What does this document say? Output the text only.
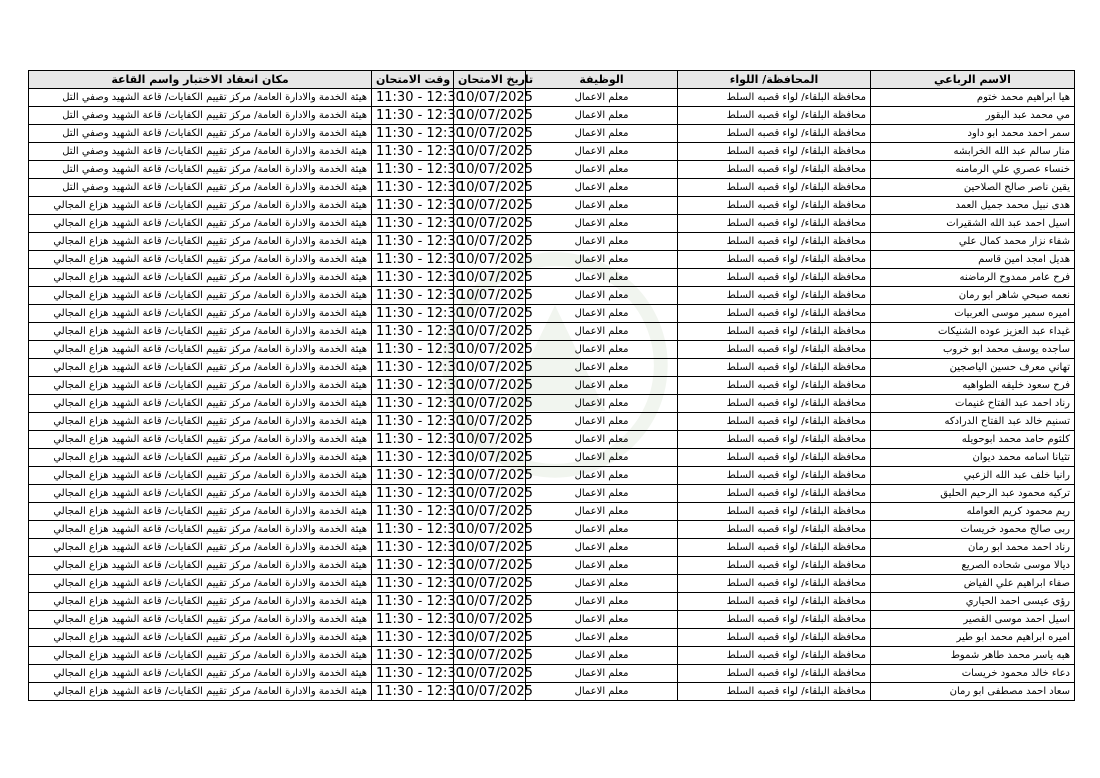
مكان انعقاد الاختبار واسم القاعة	وقت الامتحان	تاريخ الامتحان	الوظيفة	المحافظة/ اللواء	الاسم الرباعي
هيئة الخدمة والادارة العامة/ مركز تقييم الكفايات/ قاعة الشهيد وصفي التل	11:30 - 12:30	10/07/2025	معلم الاعمال	محافظة البلقاء/ لواء قصبه السلط	هيا ابراهيم محمد ختوم
هيئة الخدمة والادارة العامة/ مركز تقييم الكفايات/ قاعة الشهيد وصفي التل	11:30 - 12:30	10/07/2025	معلم الاعمال	محافظة البلقاء/ لواء قصبه السلط	مي محمد عبد البقور
هيئة الخدمة والادارة العامة/ مركز تقييم الكفايات/ قاعة الشهيد وصفي التل	11:30 - 12:30	10/07/2025	معلم الاعمال	محافظة البلقاء/ لواء قصبه السلط	سمر احمد محمد ابو داود
هيئة الخدمة والادارة العامة/ مركز تقييم الكفايات/ قاعة الشهيد وصفي التل	11:30 - 12:30	10/07/2025	معلم الاعمال	محافظة البلقاء/ لواء قصبه السلط	منار سالم عبد الله الخرابشه
هيئة الخدمة والادارة العامة/ مركز تقييم الكفايات/ قاعة الشهيد وصفي التل	11:30 - 12:30	10/07/2025	معلم الاعمال	محافظة البلقاء/ لواء قصبه السلط	خنساء عصري علي الرمامنه
هيئة الخدمة والادارة العامة/ مركز تقييم الكفايات/ قاعة الشهيد وصفي التل	11:30 - 12:30	10/07/2025	معلم الاعمال	محافظة البلقاء/ لواء قصبه السلط	يقين ناصر صالح الصلاحين
هيئة الخدمة والادارة العامة/ مركز تقييم الكفايات/ قاعة الشهيد هزاع المجالي	11:30 - 12:30	10/07/2025	معلم الاعمال	محافظة البلقاء/ لواء قصبه السلط	هدى نبيل محمد جميل العمد
هيئة الخدمة والادارة العامة/ مركز تقييم الكفايات/ قاعة الشهيد هزاع المجالي	11:30 - 12:30	10/07/2025	معلم الاعمال	محافظة البلقاء/ لواء قصبه السلط	اسيل احمد عبد الله الشقيرات
هيئة الخدمة والادارة العامة/ مركز تقييم الكفايات/ قاعة الشهيد هزاع المجالي	11:30 - 12:30	10/07/2025	معلم الاعمال	محافظة البلقاء/ لواء قصبه السلط	شفاء نزار محمد كمال علي
هيئة الخدمة والادارة العامة/ مركز تقييم الكفايات/ قاعة الشهيد هزاع المجالي	11:30 - 12:30	10/07/2025	معلم الاعمال	محافظة البلقاء/ لواء قصبه السلط	هديل امجد امين قاسم
هيئة الخدمة والادارة العامة/ مركز تقييم الكفايات/ قاعة الشهيد هزاع المجالي	11:30 - 12:30	10/07/2025	معلم الاعمال	محافظة البلقاء/ لواء قصبه السلط	فرح عامر ممدوح الرماضنه
هيئة الخدمة والادارة العامة/ مركز تقييم الكفايات/ قاعة الشهيد هزاع المجالي	11:30 - 12:30	10/07/2025	معلم الاعمال	محافظة البلقاء/ لواء قصبه السلط	نعمه صبحي شاهر ابو رمان
هيئة الخدمة والادارة العامة/ مركز تقييم الكفايات/ قاعة الشهيد هزاع المجالي	11:30 - 12:30	10/07/2025	معلم الاعمال	محافظة البلقاء/ لواء قصبه السلط	اميره سمير موسى العربيات
هيئة الخدمة والادارة العامة/ مركز تقييم الكفايات/ قاعة الشهيد هزاع المجالي	11:30 - 12:30	10/07/2025	معلم الاعمال	محافظة البلقاء/ لواء قصبه السلط	غيداء عبد العزيز عوده الشنيكات
هيئة الخدمة والادارة العامة/ مركز تقييم الكفايات/ قاعة الشهيد هزاع المجالي	11:30 - 12:30	10/07/2025	معلم الاعمال	محافظة البلقاء/ لواء قصبه السلط	ساجده يوسف محمد ابو خروب
هيئة الخدمة والادارة العامة/ مركز تقييم الكفايات/ قاعة الشهيد هزاع المجالي	11:30 - 12:30	10/07/2025	معلم الاعمال	محافظة البلقاء/ لواء قصبه السلط	تهاني معرف حسين الياصجين
هيئة الخدمة والادارة العامة/ مركز تقييم الكفايات/ قاعة الشهيد هزاع المجالي	11:30 - 12:30	10/07/2025	معلم الاعمال	محافظة البلقاء/ لواء قصبه السلط	فرح سعود خليفه الطواهيه
هيئة الخدمة والادارة العامة/ مركز تقييم الكفايات/ قاعة الشهيد هزاع المجالي	11:30 - 12:30	10/07/2025	معلم الاعمال	محافظة البلقاء/ لواء قصبه السلط	رناد احمد عبد الفتاح غنيمات
هيئة الخدمة والادارة العامة/ مركز تقييم الكفايات/ قاعة الشهيد هزاع المجالي	11:30 - 12:30	10/07/2025	معلم الاعمال	محافظة البلقاء/ لواء قصبه السلط	تسنيم خالد عبد الفتاح الدرادكه
هيئة الخدمة والادارة العامة/ مركز تقييم الكفايات/ قاعة الشهيد هزاع المجالي	11:30 - 12:30	10/07/2025	معلم الاعمال	محافظة البلقاء/ لواء قصبه السلط	كلثوم حامد محمد ابوحويله
هيئة الخدمة والادارة العامة/ مركز تقييم الكفايات/ قاعة الشهيد هزاع المجالي	11:30 - 12:30	10/07/2025	معلم الاعمال	محافظة البلقاء/ لواء قصبه السلط	تثيانا اسامه محمد ديوان
هيئة الخدمة والادارة العامة/ مركز تقييم الكفايات/ قاعة الشهيد هزاع المجالي	11:30 - 12:30	10/07/2025	معلم الاعمال	محافظة البلقاء/ لواء قصبه السلط	رانيا خلف عبد الله الزعبي
هيئة الخدمة والادارة العامة/ مركز تقييم الكفايات/ قاعة الشهيد هزاع المجالي	11:30 - 12:30	10/07/2025	معلم الاعمال	محافظة البلقاء/ لواء قصبه السلط	تركيه محمود عبد الرحيم الحليق
هيئة الخدمة والادارة العامة/ مركز تقييم الكفايات/ قاعة الشهيد هزاع المجالي	11:30 - 12:30	10/07/2025	معلم الاعمال	محافظة البلقاء/ لواء قصبه السلط	ريم محمود كريم العوامله
هيئة الخدمة والادارة العامة/ مركز تقييم الكفايات/ قاعة الشهيد هزاع المجالي	11:30 - 12:30	10/07/2025	معلم الاعمال	محافظة البلقاء/ لواء قصبه السلط	ربى صالح محمود خريسات
هيئة الخدمة والادارة العامة/ مركز تقييم الكفايات/ قاعة الشهيد هزاع المجالي	11:30 - 12:30	10/07/2025	معلم الاعمال	محافظة البلقاء/ لواء قصبه السلط	رناد احمد محمد ابو رمان
هيئة الخدمة والادارة العامة/ مركز تقييم الكفايات/ قاعة الشهيد هزاع المجالي	11:30 - 12:30	10/07/2025	معلم الاعمال	محافظة البلقاء/ لواء قصبه السلط	ديالا موسى شحاده الصريع
هيئة الخدمة والادارة العامة/ مركز تقييم الكفايات/ قاعة الشهيد هزاع المجالي	11:30 - 12:30	10/07/2025	معلم الاعمال	محافظة البلقاء/ لواء قصبه السلط	صفاء ابراهيم علي الفياض
هيئة الخدمة والادارة العامة/ مركز تقييم الكفايات/ قاعة الشهيد هزاع المجالي	11:30 - 12:30	10/07/2025	معلم الاعمال	محافظة البلقاء/ لواء قصبه السلط	رؤى عيسى احمد الحياري
هيئة الخدمة والادارة العامة/ مركز تقييم الكفايات/ قاعة الشهيد هزاع المجالي	11:30 - 12:30	10/07/2025	معلم الاعمال	محافظة البلقاء/ لواء قصبه السلط	اسيل احمد موسى القصير
هيئة الخدمة والادارة العامة/ مركز تقييم الكفايات/ قاعة الشهيد هزاع المجالي	11:30 - 12:30	10/07/2025	معلم الاعمال	محافظة البلقاء/ لواء قصبه السلط	اميره ابراهيم محمد ابو طير
هيئة الخدمة والادارة العامة/ مركز تقييم الكفايات/ قاعة الشهيد هزاع المجالي	11:30 - 12:30	10/07/2025	معلم الاعمال	محافظة البلقاء/ لواء قصبه السلط	هبه ياسر محمد طاهر شموط
هيئة الخدمة والادارة العامة/ مركز تقييم الكفايات/ قاعة الشهيد هزاع المجالي	11:30 - 12:30	10/07/2025	معلم الاعمال	محافظة البلقاء/ لواء قصبه السلط	دعاء خالد محمود خريسات
هيئة الخدمة والادارة العامة/ مركز تقييم الكفايات/ قاعة الشهيد هزاع المجالي	11:30 - 12:30	10/07/2025	معلم الاعمال	محافظة البلقاء/ لواء قصبه السلط	سعاد احمد مصطفى ابو رمان
